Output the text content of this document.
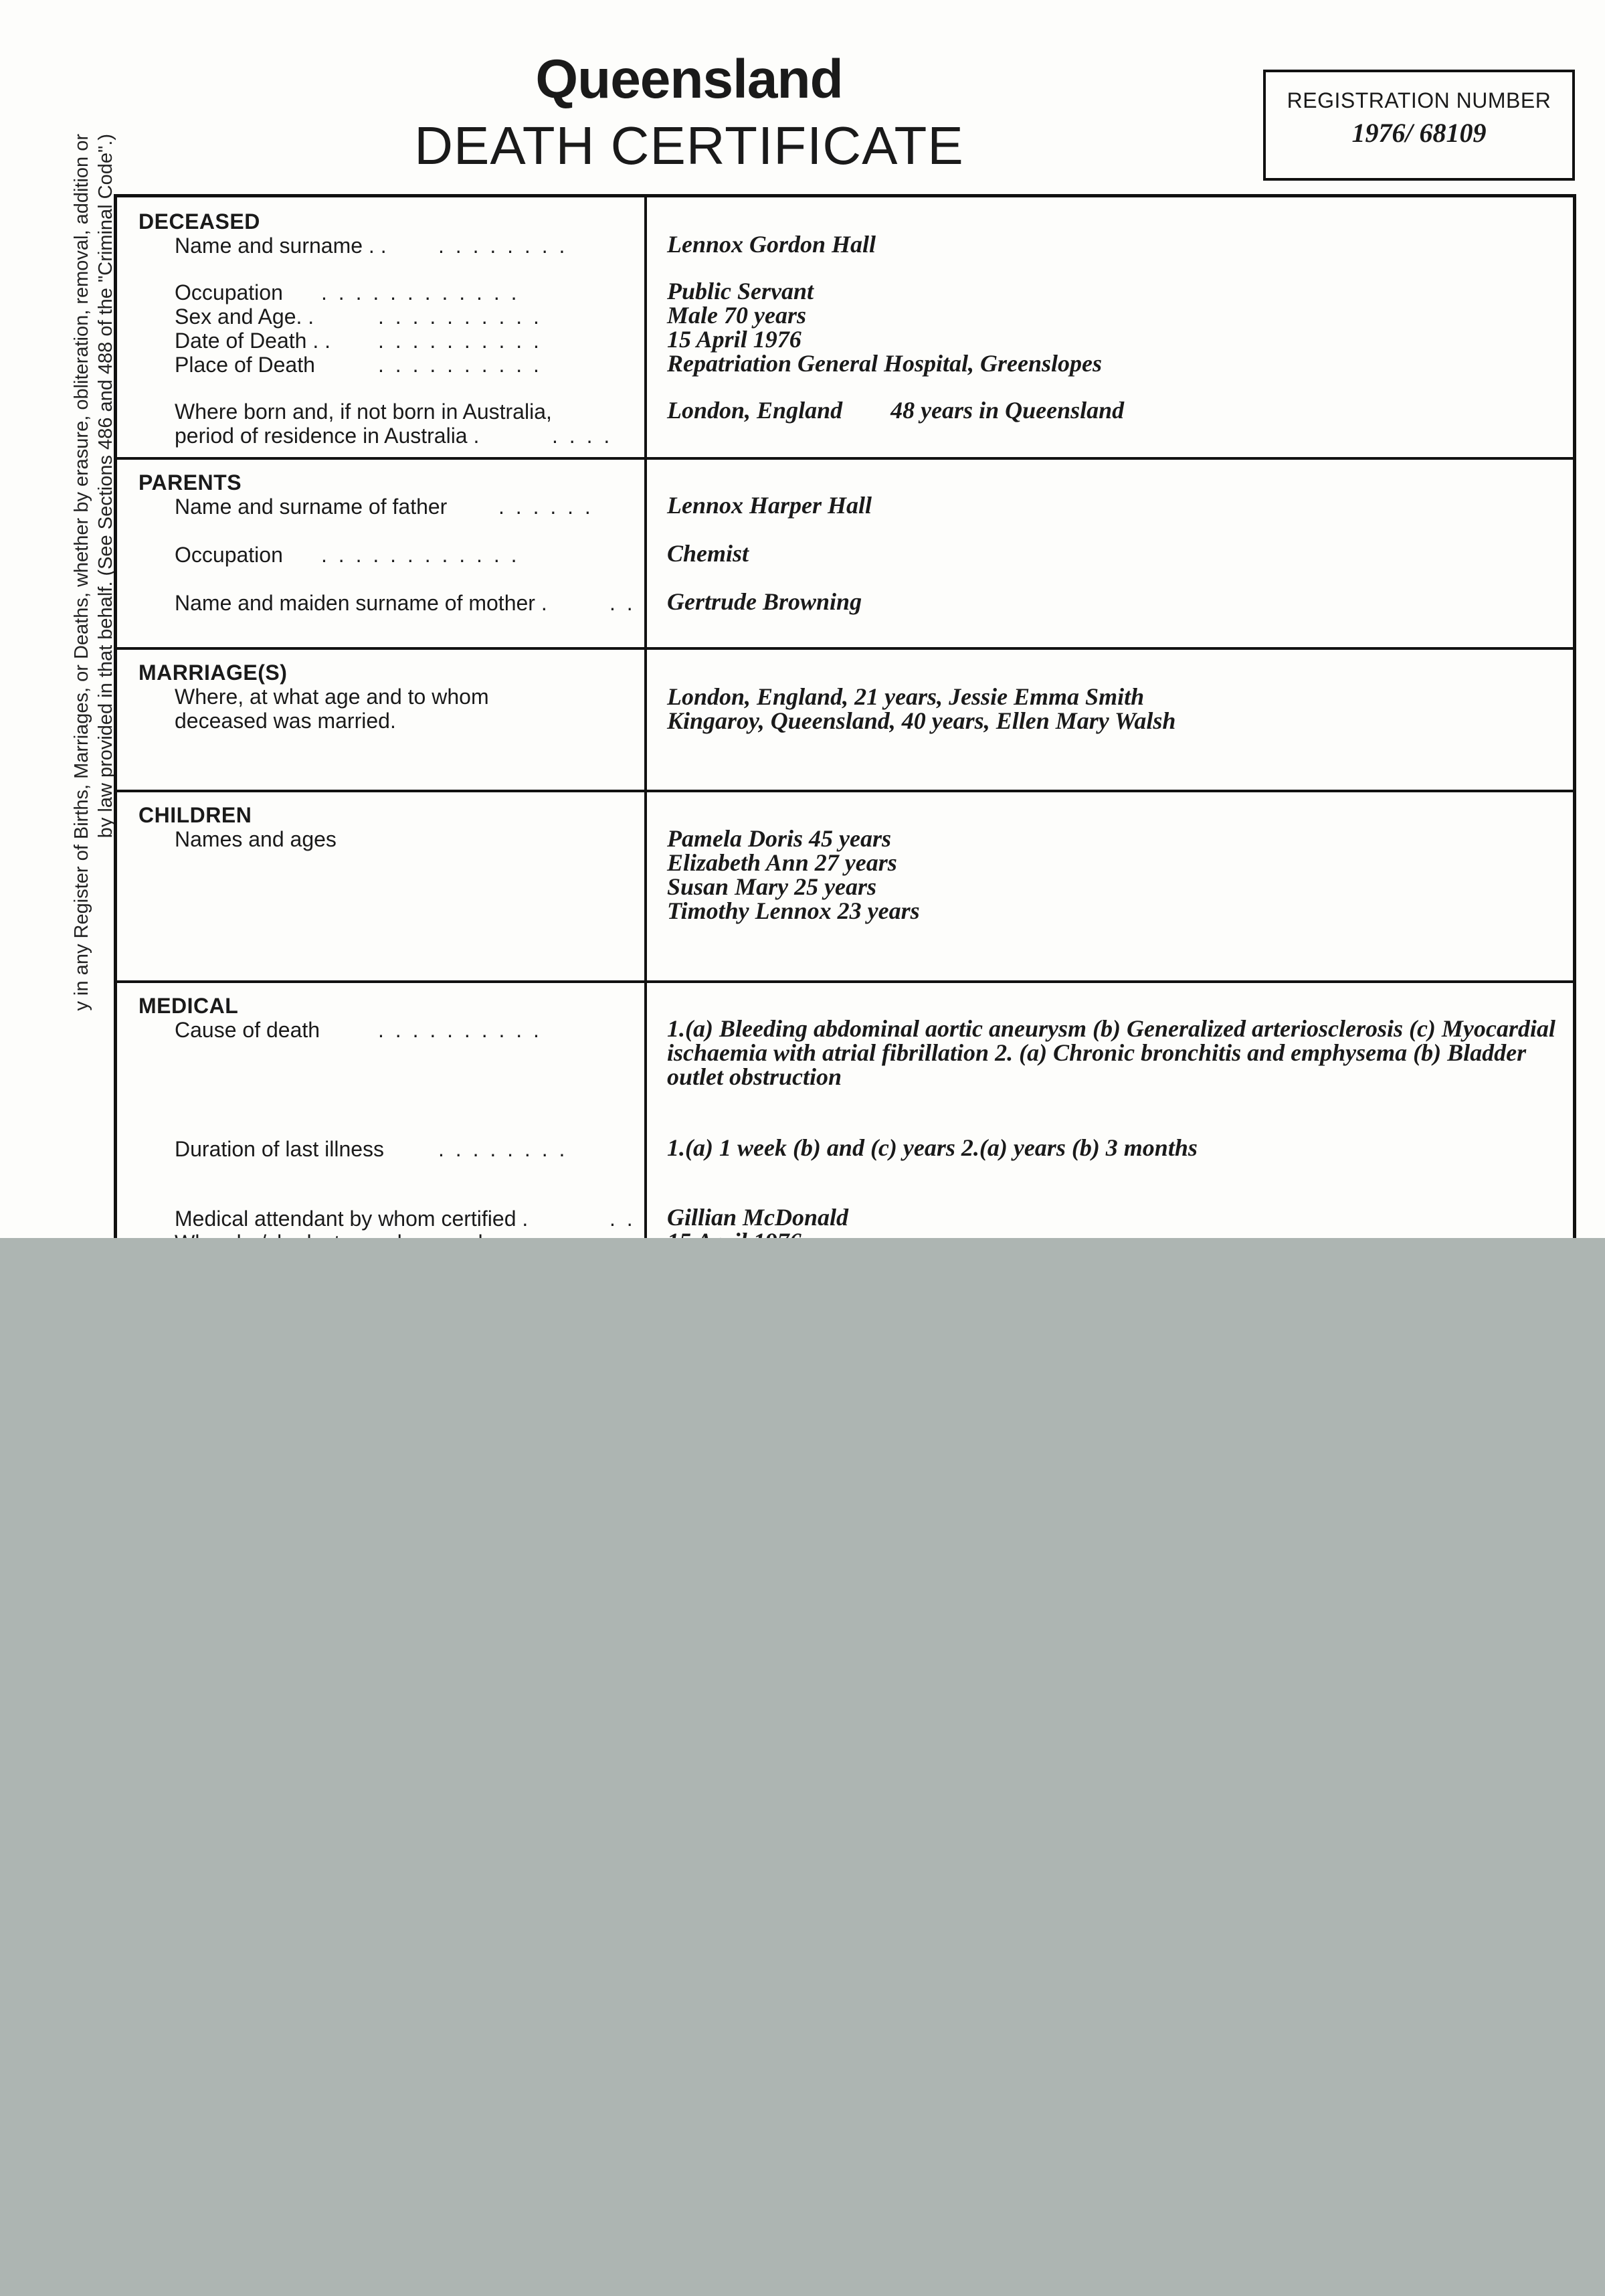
y in any Register of Births, Marriages, or Deaths, whether by erasure, obliteration, removal, addition or by law provided in that behalf. (See Sections 486 and 488 of the "Criminal Code".)
Queensland
DEATH CERTIFICATE
REGISTRATION NUMBER
1976/ 68109
DECEASED
Name and surname . .	. . . . . . . .	Lennox Gordon Hall
Occupation	. . . . . . . . . . . .	Public Servant
Sex and Age. .	. . . . . . . . . .	Male 70 years
Date of Death . .	. . . . . . . . . .	15 April 1976
Place of Death	. . . . . . . . . .	Repatriation General Hospital, Greenslopes
Where born and, if not born in Australia,
period of residence in Australia .	. . . .
London, England        48 years in Queensland
PARENTS
Name and surname of father	. . . . . .	Lennox Harper Hall
Occupation	. . . . . . . . . . . .	Chemist
Name and maiden surname of mother .	. . Gertrude Browning
MARRIAGE(S)
Where, at what age and to whom
deceased was married.
London, England, 21 years, Jessie Emma Smith
Kingaroy, Queensland, 40 years, Ellen Mary Walsh
CHILDREN
Names and ages	Pamela Doris 45 years
Elizabeth Ann 27 years
Susan Mary 25 years
Timothy Lennox 23 years
MEDICAL
Cause of death	. . . . . . . . . .	1.(a) Bleeding abdominal aortic aneurysm (b) Generalized arteriosclerosis (c) Myocardial ischaemia with atrial fibrillation 2. (a) Chronic bronchitis and emphysema (b) Bladder outlet obstruction
Duration of last illness	. . . . . . . .	1.(a) 1 week (b) and (c) years 2.(a) years (b) 3 months
Medical attendant by whom certified .	. . Gillian McDonald
